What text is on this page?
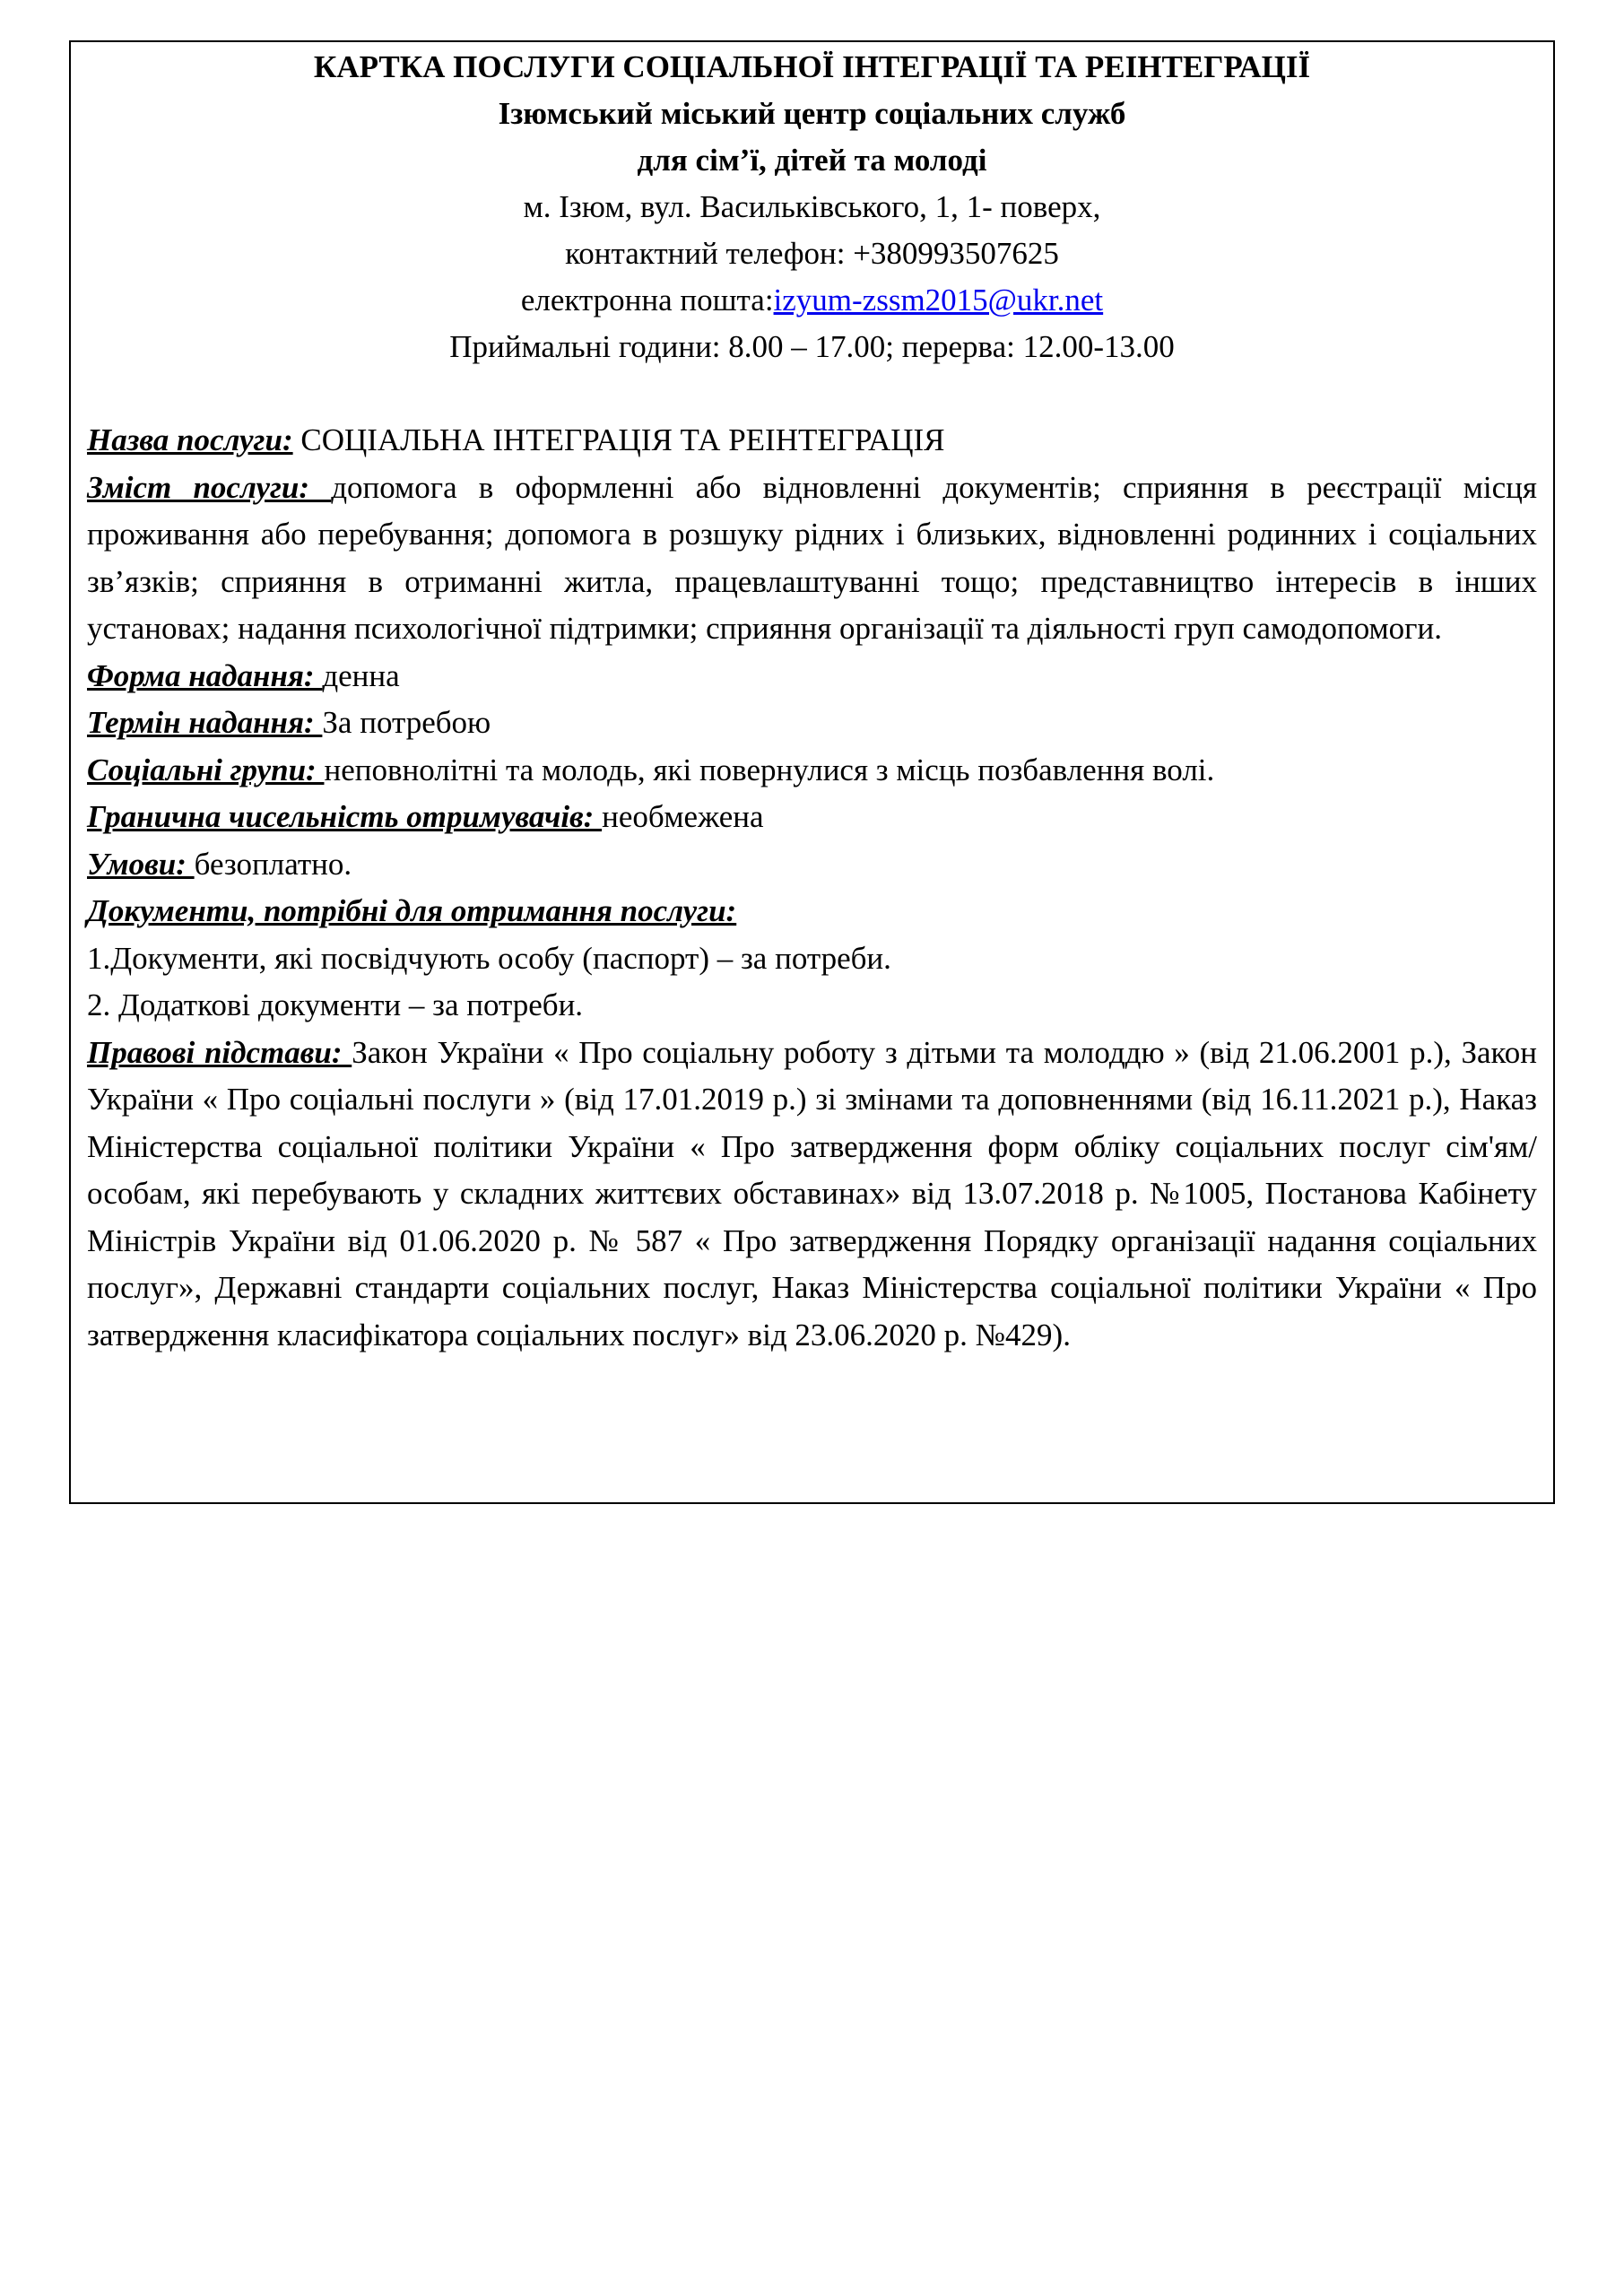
КАРТКА ПОСЛУГИ СОЦІАЛЬНОЇ ІНТЕГРАЦІЇ ТА РЕІНТЕГРАЦІЇ
Ізюмський міський центр соціальних служб
для сім’ї, дітей та молоді
м. Ізюм, вул. Васильківського, 1, 1- поверх,
контактний телефон: +380993507625
електронна пошта:izyum-zssm2015@ukr.net
Приймальні години: 8.00 – 17.00; перерва: 12.00-13.00

Назва послуги: СОЦІАЛЬНА ІНТЕГРАЦІЯ ТА РЕІНТЕГРАЦІЯ

Зміст послуги: допомога в оформленні або відновленні документів; сприяння в реєстрації місця проживання або перебування; допомога в розшуку рідних і близьких, відновленні родинних і соціальних зв’язків; сприяння в отриманні житла, працевлаштуванні тощо; представництво інтересів в інших установах; надання психологічної підтримки; сприяння організації та діяльності груп самодопомоги.

Форма надання: денна

Термін надання: За потребою

Соціальні групи: неповнолітні та молодь, які повернулися з місць позбавлення волі.

Гранична чисельність отримувачів: необмежена

Умови: безоплатно.

Документи, потрібні для отримання послуги:

1.Документи, які посвідчують особу (паспорт) – за потреби.

2. Додаткові документи – за потреби.

Правові підстави: Закон України « Про соціальну роботу з дітьми та молоддю » (від 21.06.2001 р.), Закон України « Про соціальні послуги » (від 17.01.2019 р.) зі змінами та доповненнями (від 16.11.2021 р.), Наказ Міністерства соціальної політики України « Про затвердження форм обліку соціальних послуг сім'ям/особам, які перебувають у складних життєвих обставинах» від 13.07.2018 р. №1005, Постанова Кабінету Міністрів України від 01.06.2020 р. № 587 « Про затвердження Порядку організації надання соціальних послуг», Державні стандарти соціальних послуг, Наказ Міністерства соціальної політики України « Про затвердження класифікатора соціальних послуг» від 23.06.2020 р. №429).
